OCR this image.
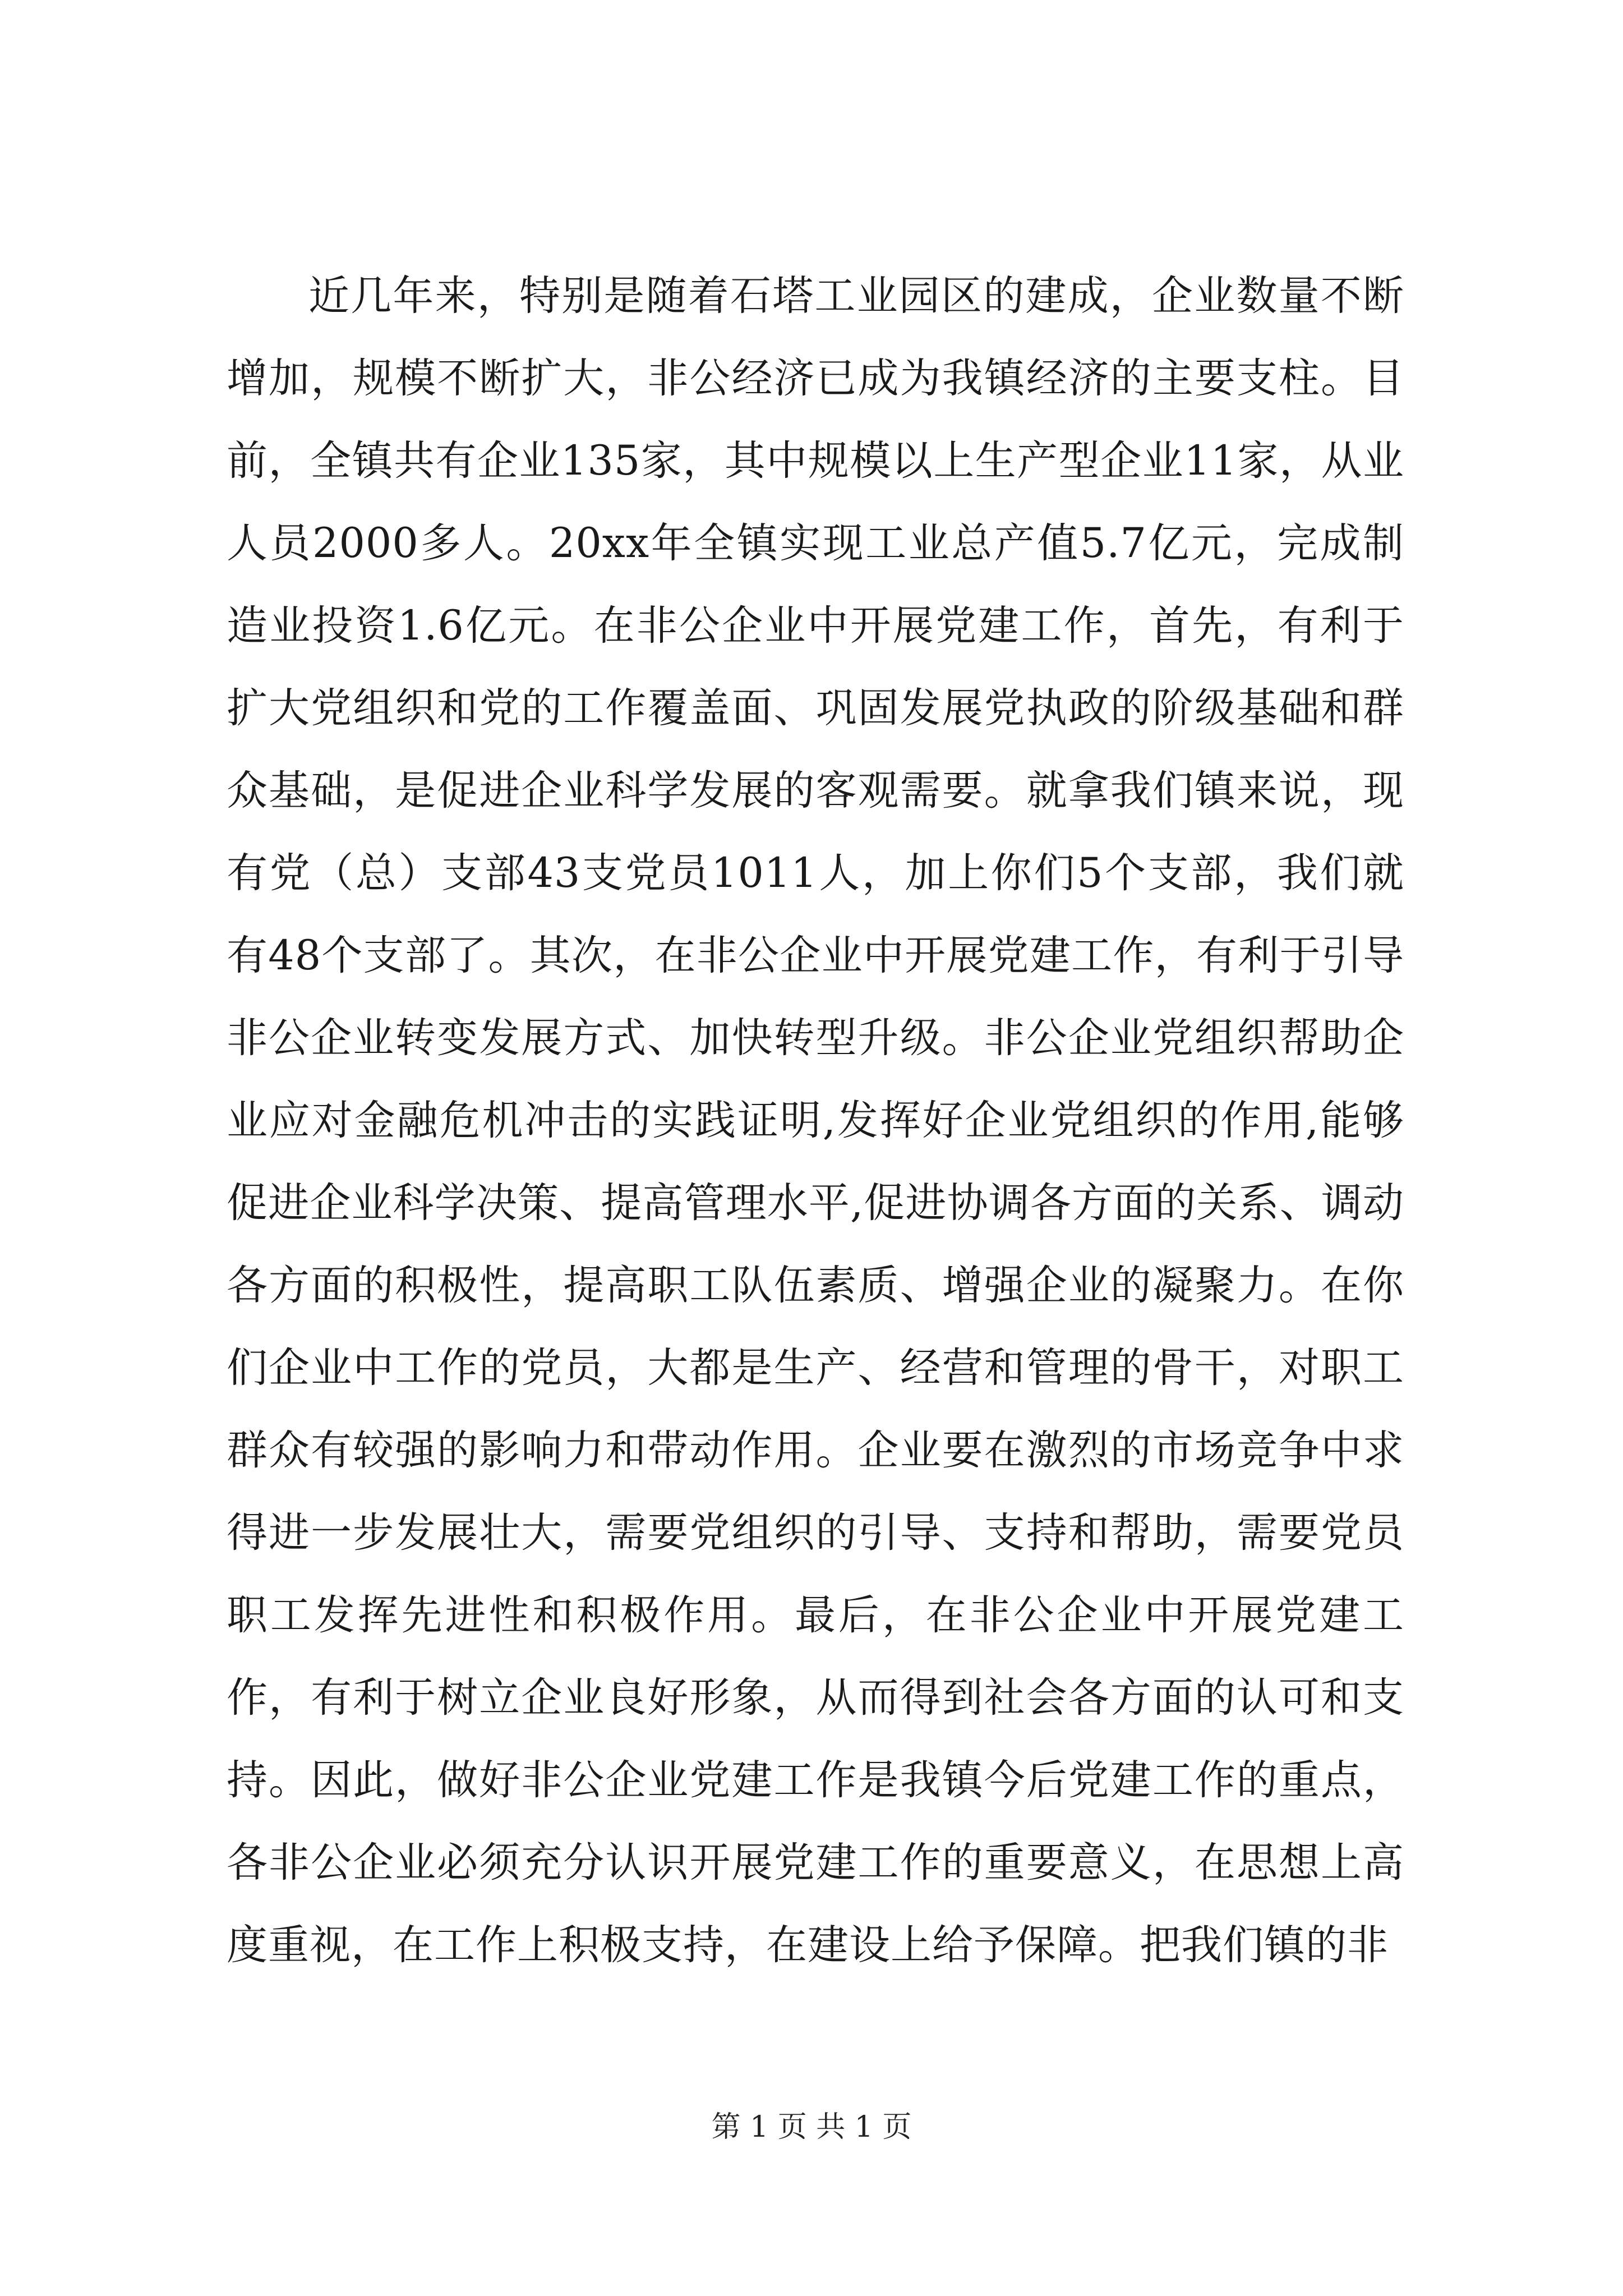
近几年来，特别是随着石塔工业园区的建成，企业数量不断增加，规模不断扩大，非公经济已成为我镇经济的主要支柱。目前，全镇共有企业135家，其中规模以上生产型企业11家，从业人员2000多人。20xx年全镇实现工业总产值5.7亿元，完成制造业投资1.6亿元。在非公企业中开展党建工作，首先，有利于扩大党组织和党的工作覆盖面、巩固发展党执政的阶级基础和群众基础，是促进企业科学发展的客观需要。就拿我们镇来说，现有党（总）支部43支党员1011人，加上你们5个支部，我们就有48个支部了。其次，在非公企业中开展党建工作，有利于引导非公企业转变发展方式、加快转型升级。非公企业党组织帮助企业应对金融危机冲击的实践证明,发挥好企业党组织的作用,能够促进企业科学决策、提高管理水平,促进协调各方面的关系、调动各方面的积极性，提高职工队伍素质、增强企业的凝聚力。在你们企业中工作的党员，大都是生产、经营和管理的骨干，对职工群众有较强的影响力和带动作用。企业要在激烈的市场竞争中求得进一步发展壮大，需要党组织的引导、支持和帮助，需要党员职工发挥先进性和积极作用。最后，在非公企业中开展党建工作，有利于树立企业良好形象，从而得到社会各方面的认可和支持。因此，做好非公企业党建工作是我镇今后党建工作的重点，各非公企业必须充分认识开展党建工作的重要意义，在思想上高度重视，在工作上积极支持，在建设上给予保障。把我们镇的非

第 1 页 共 1 页
